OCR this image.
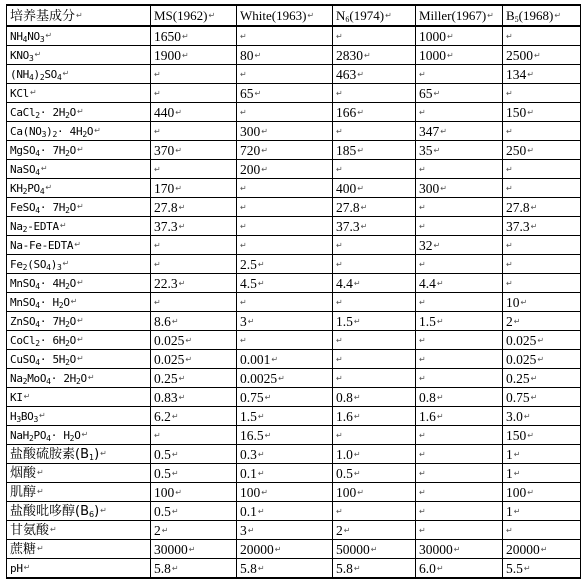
培养基成分↵	MS(1962)↵	White(1963)↵	$N_6(1974)↵$	Miller(1967)↵	$B_5(1968)↵$
$NH_4NO_3↵$	1650↵	↵	↵	1000↵	↵
$KNO_3↵$	1900↵	80↵	2830↵	1000↵	2500↵
$(NH_4)_2SO_4↵$	↵	↵	463↵	↵	134↵
KCl↵	↵	65↵	↵	65↵	↵
CaCl$_2$· $2H_2O↵$	440↵	↵	166↵	↵	150↵
$Ca(NO_3)_2\cdot$ $4H_2O↵$	↵	300↵	↵	347↵	↵
MgSO$_4$· $7H_2O↵$	370↵	720↵	185↵	35↵	250↵
NaSO$_4$↵	↵	200↵	↵	↵	↵
$KH_2PO_4↵$	170↵	↵	400↵	300↵	↵
FeSO$_4$· $7H_2O↵$	27.8↵	↵	27.8↵	↵	27.8↵
$Na_2-EDTA↵$	37.3↵	↵	37.3↵	↵	37.3↵
Na-Fe-EDTA↵	↵	↵	↵	32↵	↵
$Fe_2(SO_4)_3↵$	↵	2.5↵	↵	↵	↵
MnSO$_4$· $4H_2O↵$	22.3↵	4.5↵	4.4↵	4.4↵	↵
MnSO$_4$· $H_2O↵$	↵	↵	↵	↵	10↵
ZnSO$_4$· $7H_2O↵$	8.6↵	3↵	1.5↵	1.5↵	2↵
CoCl$_2$· $6H_2O↵$	0.025↵	↵	↵	↵	0.025↵
CuSO$_4$· $5H_2O↵$	0.025↵	0.001↵	↵	↵	0.025↵
$Na_2MoO_4\cdot$ $2H_2O↵$	0.25↵	0.0025↵	↵	↵	0.25↵
KI↵	0.83↵	0.75↵	0.8↵	0.8↵	0.75↵
$H_3BO_3↵$	6.2↵	1.5↵	1.6↵	1.6↵	3.0↵
$NaH_2PO_4\cdot$ $H_2O↵$	↵	16.5↵	↵	↵	150↵
盐酸硫胺素$(B_1)↵$	0.5↵	0.3↵	1.0↵	↵	1↵
烟酸↵	0.5↵	0.1↵	0.5↵	↵	1↵
肌醇↵	100↵	100↵	100↵	↵	100↵
盐酸吡哆醇$(B_6)↵$	0.5↵	0.1↵	↵	↵	1↵
甘氨酸↵	2↵	3↵	2↵	↵	↵
蔗糖↵	30000↵	20000↵	50000↵	30000↵	20000↵
pH↵	5.8↵	5.8↵	5.8↵	6.0↵	5.5↵
